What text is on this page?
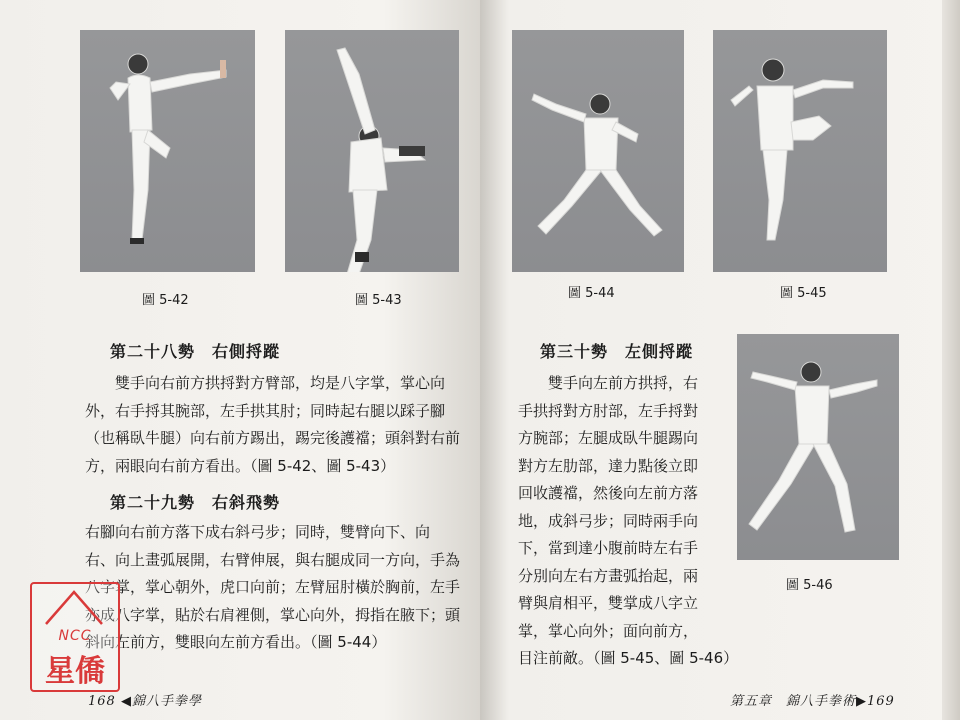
圖 5-42	圖 5-43
第二十八勢　右側捋蹤
雙手向右前方拱捋對方臂部，均是八字掌，掌心向
外，右手捋其腕部，左手拱其肘；同時起右腿以踩子腳
（也稱臥牛腿）向右前方踢出，踢完後護襠；頭斜對右前
方，兩眼向右前方看出。（圖 5-42、圖 5-43）
第二十九勢　右斜飛勢
右腳向右前方落下成右斜弓步；同時，雙臂向下、向
右、向上畫弧展開，右臂伸展，與右腿成同一方向，手為
八字掌，掌心朝外，虎口向前；左臂屈肘橫於胸前，左手
亦成八字掌，貼於右肩裡側，掌心向外，拇指在腋下；頭
斜向左前方，雙眼向左前方看出。（圖 5-44）
168 ◀錦八手拳學
NCC
星僑
圖 5-44	圖 5-45
第三十勢　左側捋蹤
雙手向左前方拱捋，右
手拱捋對方肘部，左手捋對
方腕部；左腿成臥牛腿踢向
對方左肋部，達力點後立即
回收護襠，然後向左前方落
地，成斜弓步；同時兩手向
下，當到達小腹前時左右手
分別向左右方畫弧抬起，兩
臂與肩相平，雙掌成八字立
掌，掌心向外；面向前方，
目注前敵。（圖 5-45、圖 5-46）
圖 5-46
第五章　錦八手拳術▶169
